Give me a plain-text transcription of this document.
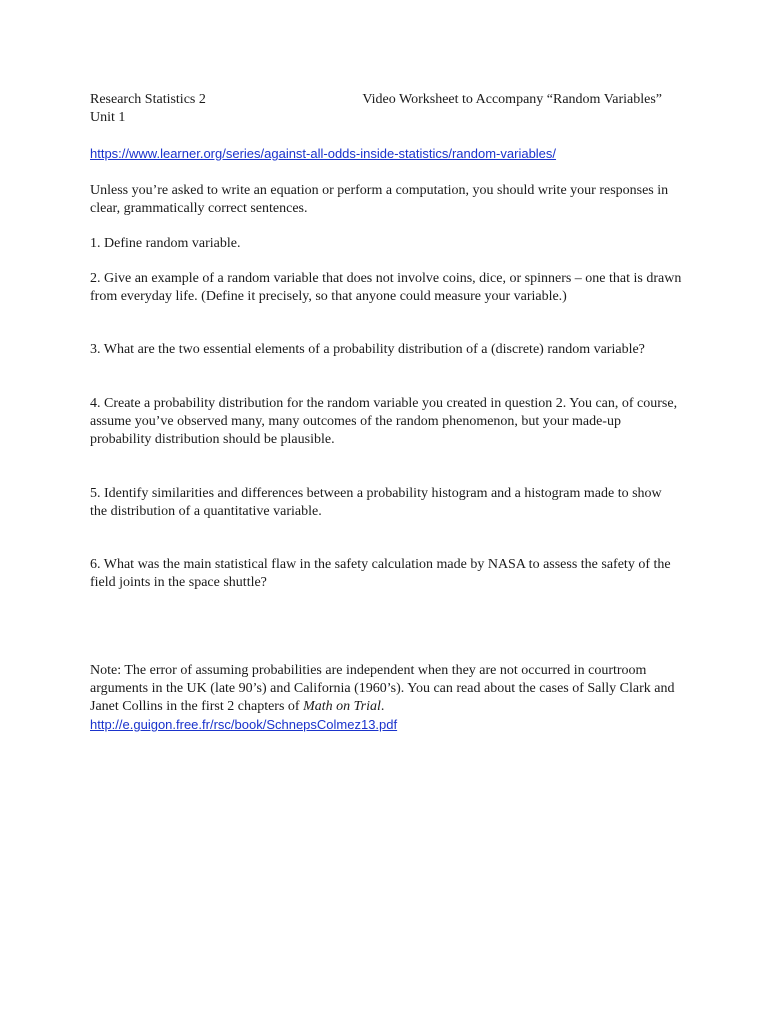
Research Statistics 2	Video Worksheet to Accompany “Random Variables”
Unit 1
https://www.learner.org/series/against-all-odds-inside-statistics/random-variables/

Unless you’re asked to write an equation or perform a computation, you should write your responses in clear, grammatically correct sentences.

1. Define random variable.

2. Give an example of a random variable that does not involve coins, dice, or spinners – one that is drawn from everyday life. (Define it precisely, so that anyone could measure your variable.)

3. What are the two essential elements of a probability distribution of a (discrete) random variable?

4. Create a probability distribution for the random variable you created in question 2. You can, of course, assume you’ve observed many, many outcomes of the random phenomenon, but your made-up probability distribution should be plausible.

5. Identify similarities and differences between a probability histogram and a histogram made to show the distribution of a quantitative variable.

6. What was the main statistical flaw in the safety calculation made by NASA to assess the safety of the field joints in the space shuttle?

Note: The error of assuming probabilities are independent when they are not occurred in courtroom arguments in the UK (late 90’s) and California (1960’s). You can read about the cases of Sally Clark and Janet Collins in the first 2 chapters of Math on Trial.

http://e.guigon.free.fr/rsc/book/SchnepsColmez13.pdf
